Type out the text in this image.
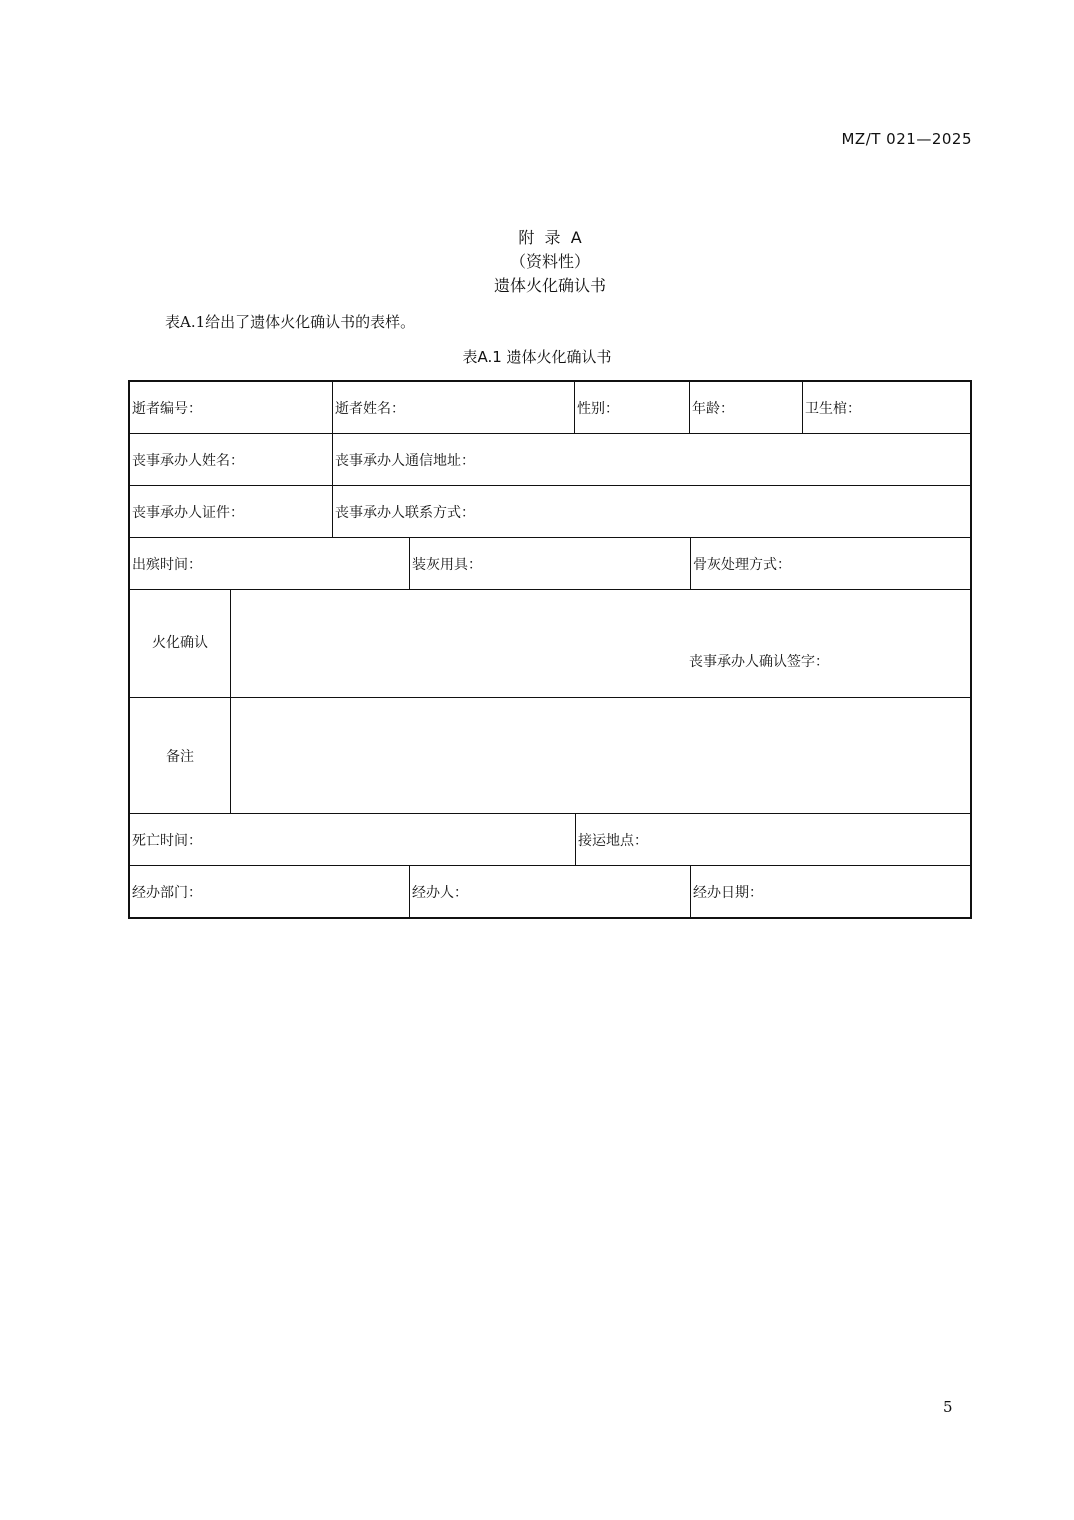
MZ/T 021—2025
附  录  A
（资料性）
遗体火化确认书
表A.1给出了遗体火化确认书的表样。
表A.1 遗体火化确认书
逝者编号：	逝者姓名：	性别：	年龄：	卫生棺：
丧事承办人姓名：	丧事承办人通信地址：
丧事承办人证件：	丧事承办人联系方式：
出殡时间：	装灰用具：	骨灰处理方式：
火化确认
丧事承办人确认签字：
备注
死亡时间：	接运地点：
经办部门：	经办人：	经办日期：
5
